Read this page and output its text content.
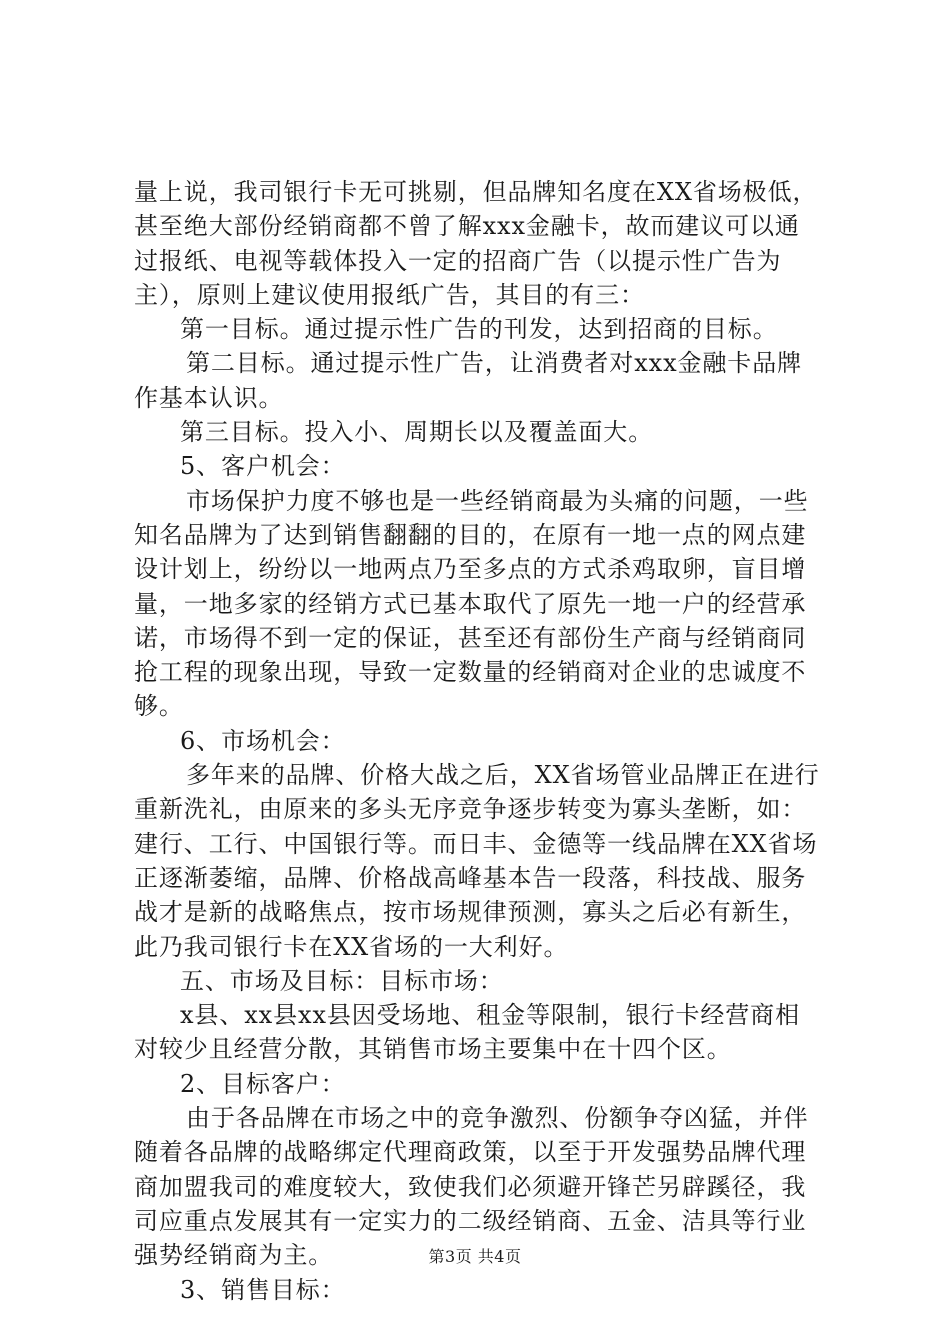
量上说，我司银行卡无可挑剔，但品牌知名度在XX省场极低，
甚至绝大部份经销商都不曾了解xxx金融卡，故而建议可以通
过报纸、电视等载体投入一定的招商广告（以提示性广告为
主），原则上建议使用报纸广告，其目的有三：
第一目标。通过提示性广告的刊发，达到招商的目标。
第二目标。通过提示性广告，让消费者对xxx金融卡品牌
作基本认识。
第三目标。投入小、周期长以及覆盖面大。
5、客户机会：
市场保护力度不够也是一些经销商最为头痛的问题，一些
知名品牌为了达到销售翻翻的目的，在原有一地一点的网点建
设计划上，纷纷以一地两点乃至多点的方式杀鸡取卵，盲目增
量，一地多家的经销方式已基本取代了原先一地一户的经营承
诺，市场得不到一定的保证，甚至还有部份生产商与经销商同
抢工程的现象出现，导致一定数量的经销商对企业的忠诚度不
够。
6、市场机会：
多年来的品牌、价格大战之后，XX省场管业品牌正在进行
重新洗礼，由原来的多头无序竞争逐步转变为寡头垄断，如：
建行、工行、中国银行等。而日丰、金德等一线品牌在XX省场
正逐渐萎缩，品牌、价格战高峰基本告一段落，科技战、服务
战才是新的战略焦点，按市场规律预测，寡头之后必有新生，
此乃我司银行卡在XX省场的一大利好。
五、市场及目标：目标市场：
x县、xx县xx县因受场地、租金等限制，银行卡经营商相
对较少且经营分散，其销售市场主要集中在十四个区。
2、目标客户：
由于各品牌在市场之中的竞争激烈、份额争夺凶猛，并伴
随着各品牌的战略绑定代理商政策，以至于开发强势品牌代理
商加盟我司的难度较大，致使我们必须避开锋芒另辟蹊径，我
司应重点发展其有一定实力的二级经销商、五金、洁具等行业
强势经销商为主。
3、销售目标：
第3页 共4页
